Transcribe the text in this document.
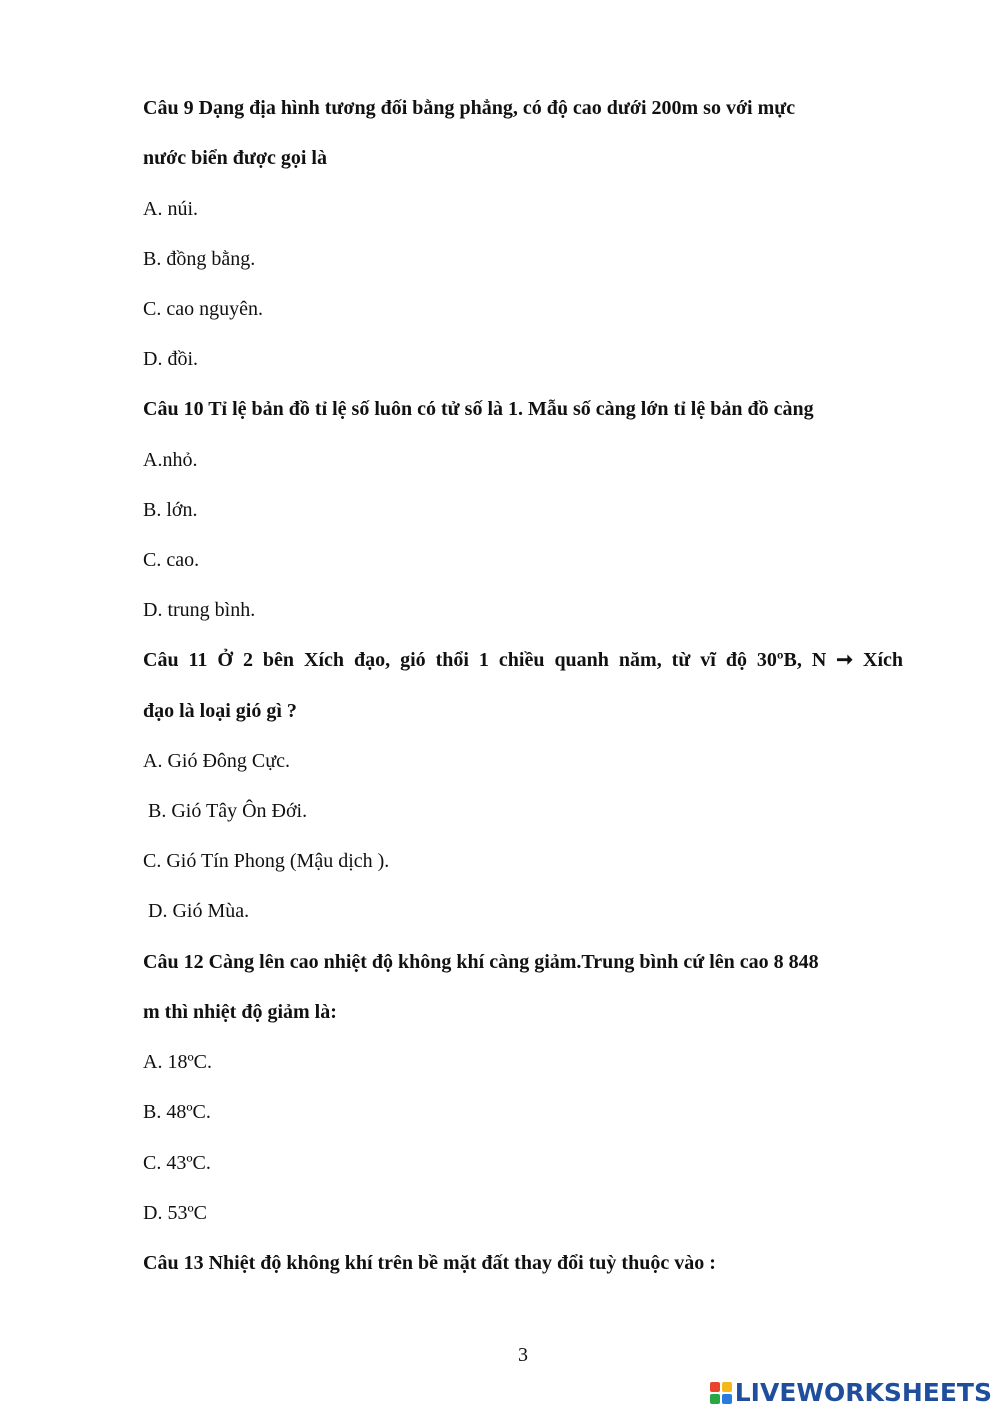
Câu 9 Dạng địa hình tương đối bằng phẳng, có độ cao dưới 200m so với mực
nước biển được gọi là
A. núi.
B. đồng bằng.
C. cao nguyên.
D. đồi.
Câu 10 Tỉ lệ bản đồ tỉ lệ số luôn có tử số là 1. Mẫu số càng lớn tỉ lệ bản đồ càng
A.nhỏ.
B. lớn.
C. cao.
D. trung bình.
Câu 11 Ở 2 bên Xích đạo, gió thổi 1 chiều quanh năm, từ vĩ độ 30ºB, N ➞ Xích
đạo là loại gió gì ?
A. Gió Đông Cực.
B. Gió Tây Ôn Đới.
C. Gió Tín Phong (Mậu dịch ).
D. Gió Mùa.
Câu 12 Càng lên cao nhiệt độ không khí càng giảm.Trung bình cứ lên cao 8 848
m thì nhiệt độ giảm là:
A. 18ºC.
B. 48ºC.
C. 43ºC.
D. 53ºC
Câu 13 Nhiệt độ không khí trên bề mặt đất thay đổi tuỳ thuộc vào :
3
LIVEWORKSHEETS
